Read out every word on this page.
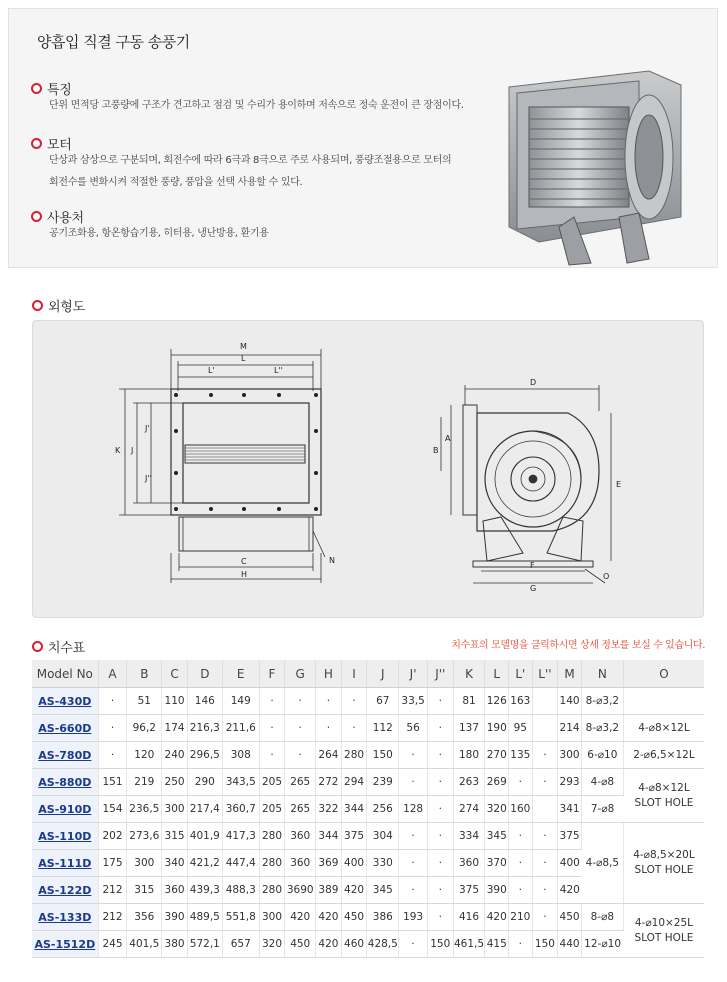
양흡입 직결 구동 송풍기
특징
단위 면적당 고풍량에 구조가 견고하고 점검 및 수리가 용이하며 저속으로 정숙 운전이 큰 장점이다.
모터
단상과 삼상으로 구분되며, 회전수에 따라 6극과 8극으로 주로 사용되며, 풍량조절용으로 모터의
회전수를 변화시켜 적절한 풍량, 풍압을 선택 사용할 수 있다.
사용처
공기조화용, 항온항습기용, 히터용, 냉난방용, 환기용
외형도
M
L
L'	L''
K J
J'
J''
C
H
N
D
A
B
E
F
G
O
치수표	치수표의 모델명을 클릭하시면 상세 정보를 보실 수 있습니다.
Model No	A	B	C	D	E	F	G	H	I	J	J'	J''	K	L	L'	L''	M	N	O
AS-430D	·	51	110	146	149	·	·	·	·	67	33,5	·	81	126	163		140	8-⌀3,2	
AS-660D	·	96,2	174	216,3	211,6	·	·	·	·	112	56	·	137	190	95		214	8-⌀3,2	4-⌀8×12L

AS-780D	·	120	240	296,5	308	·	·	264	280	150	·	·	180	270	135	·	300	6-⌀10	2-⌀6,5×12L

AS-880D	151	219	250	290	343,5	205	265	272	294	239	·	·	263	269	·	·	293	4-⌀8	4-⌀8×12L
SLOT HOLE

AS-910D	154	236,5	300	217,4	360,7	205	265	322	344	256	128	·	274	320	160		341	7-⌀8	
AS-110D	202	273,6	315	401,9	417,3	280	360	344	375	304	·	·	334	345	·	·	375	4-⌀8,5	4-⌀8,5×20L
SLOT HOLE

AS-111D	175	300	340	421,2	447,4	280	360	369	400	330	·	·	360	370	·	·	400		
AS-122D	212	315	360	439,3	488,3	280	3690	389	420	345	·	·	375	390	·	·	420		
AS-133D	212	356	390	489,5	551,8	300	420	420	450	386	193	·	416	420	210	·	450	8-⌀8	4-⌀10×25L
SLOT HOLE

AS-1512D	245	401,5	380	572,1	657	320	450	420	460	428,5	·	150	461,5	415	·	150	440	12-⌀10	
